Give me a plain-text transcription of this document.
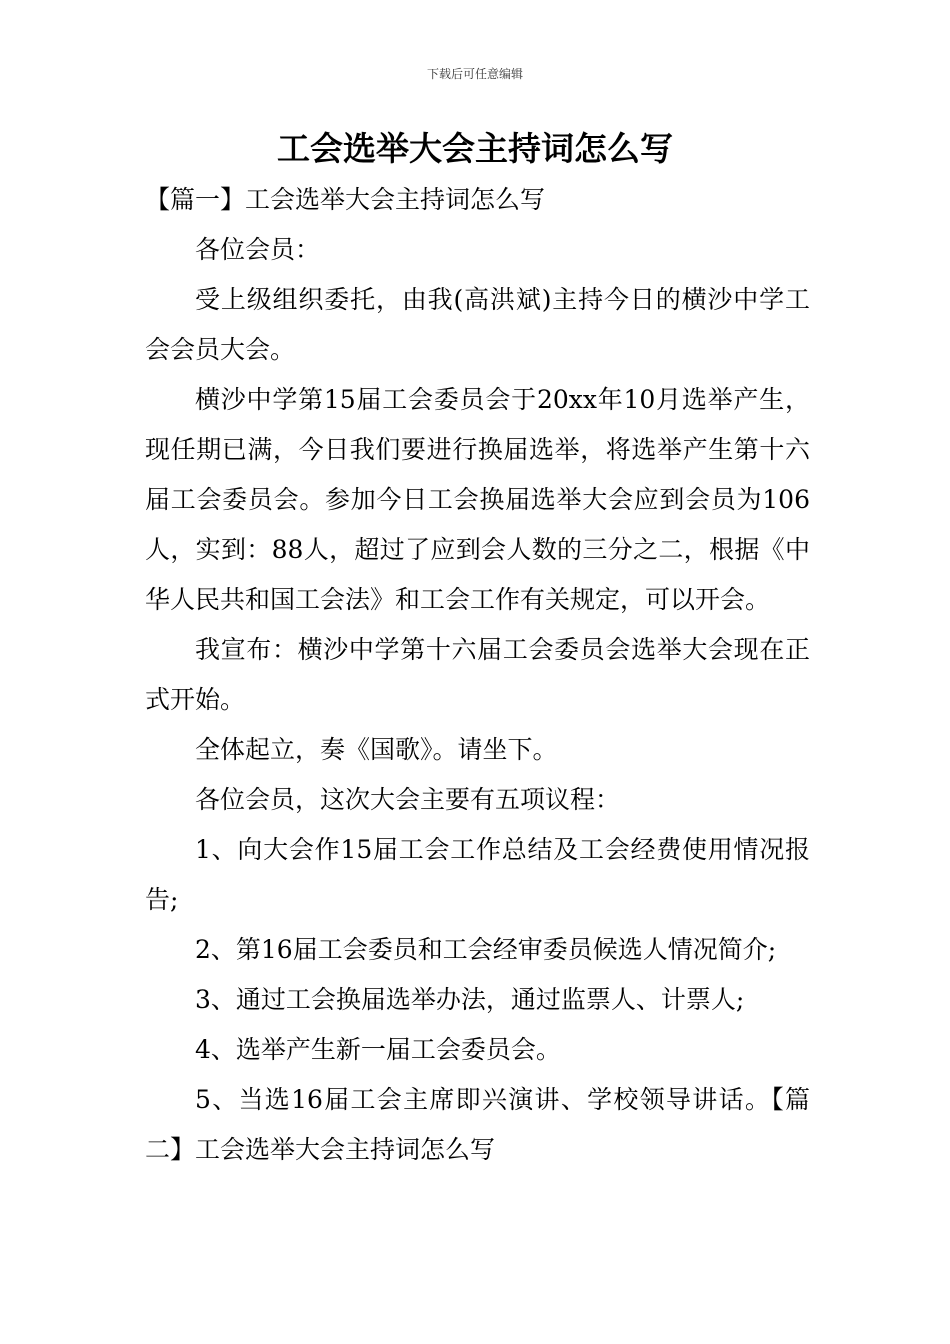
下载后可任意编辑
工会选举大会主持词怎么写

【篇一】工会选举大会主持词怎么写

各位会员：

受上级组织委托，由我(高洪斌)主持今日的横沙中学工会会员大会。

横沙中学第15届工会委员会于20xx年10月选举产生，现任期已满，今日我们要进行换届选举，将选举产生第十六届工会委员会。参加今日工会换届选举大会应到会员为106人，实到：88人，超过了应到会人数的三分之二，根据《中华人民共和国工会法》和工会工作有关规定，可以开会。

我宣布：横沙中学第十六届工会委员会选举大会现在正式开始。

全体起立，奏《国歌》。请坐下。

各位会员，这次大会主要有五项议程：

1、向大会作15届工会工作总结及工会经费使用情况报告;

2、第16届工会委员和工会经审委员候选人情况简介;

3、通过工会换届选举办法，通过监票人、计票人;

4、选举产生新一届工会委员会。

5、当选16届工会主席即兴演讲、学校领导讲话。【篇二】工会选举大会主持词怎么写
